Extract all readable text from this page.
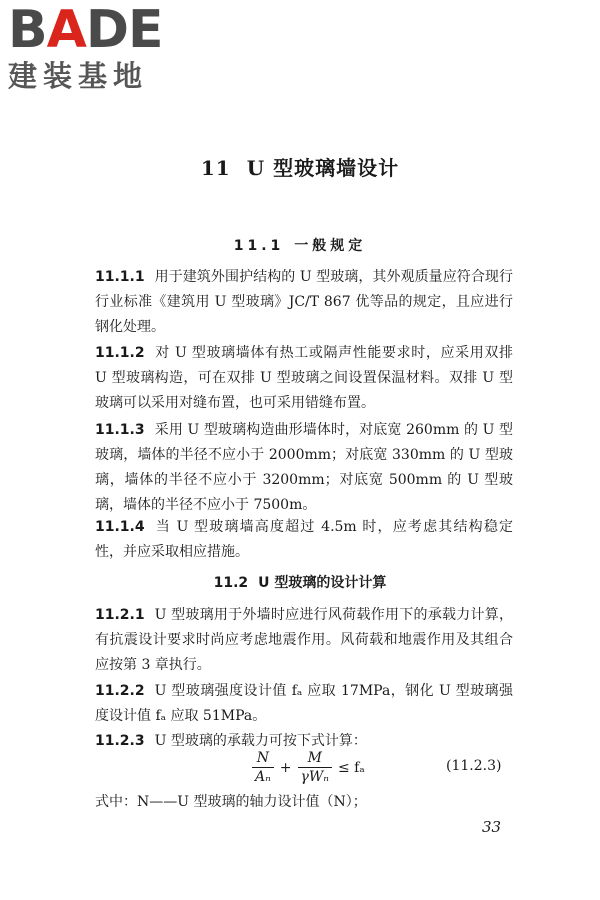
BADE
建装基地
11 U 型玻璃墙设计
11.1 一般规定
11.1.1 用于建筑外围护结构的 U 型玻璃，其外观质量应符合现行行业标准《建筑用 U 型玻璃》JC/T 867 优等品的规定，且应进行钢化处理。
11.1.2 对 U 型玻璃墙体有热工或隔声性能要求时，应采用双排 U 型玻璃构造，可在双排 U 型玻璃之间设置保温材料。双排 U 型玻璃可以采用对缝布置，也可采用错缝布置。
11.1.3 采用 U 型玻璃构造曲形墙体时，对底宽 260mm 的 U 型玻璃，墙体的半径不应小于 2000mm；对底宽 330mm 的 U 型玻璃，墙体的半径不应小于 3200mm；对底宽 500mm 的 U 型玻璃，墙体的半径不应小于 7500m。
11.1.4 当 U 型玻璃墙高度超过 4.5m 时，应考虑其结构稳定性，并应采取相应措施。
11.2 U 型玻璃的设计计算
11.2.1 U 型玻璃用于外墙时应进行风荷载作用下的承载力计算，有抗震设计要求时尚应考虑地震作用。风荷载和地震作用及其组合应按第 3 章执行。
11.2.2 U 型玻璃强度设计值 fₐ 应取 17MPa，钢化 U 型玻璃强度设计值 fₐ 应取 51MPa。
11.2.3 U 型玻璃的承载力可按下式计算：
$\frac{N}{\text{Aₙ}} + \frac{M}{\text{γWₙ}} \le f_a$	(11.2.3)
式中：N——U 型玻璃的轴力设计值（N）；
33
